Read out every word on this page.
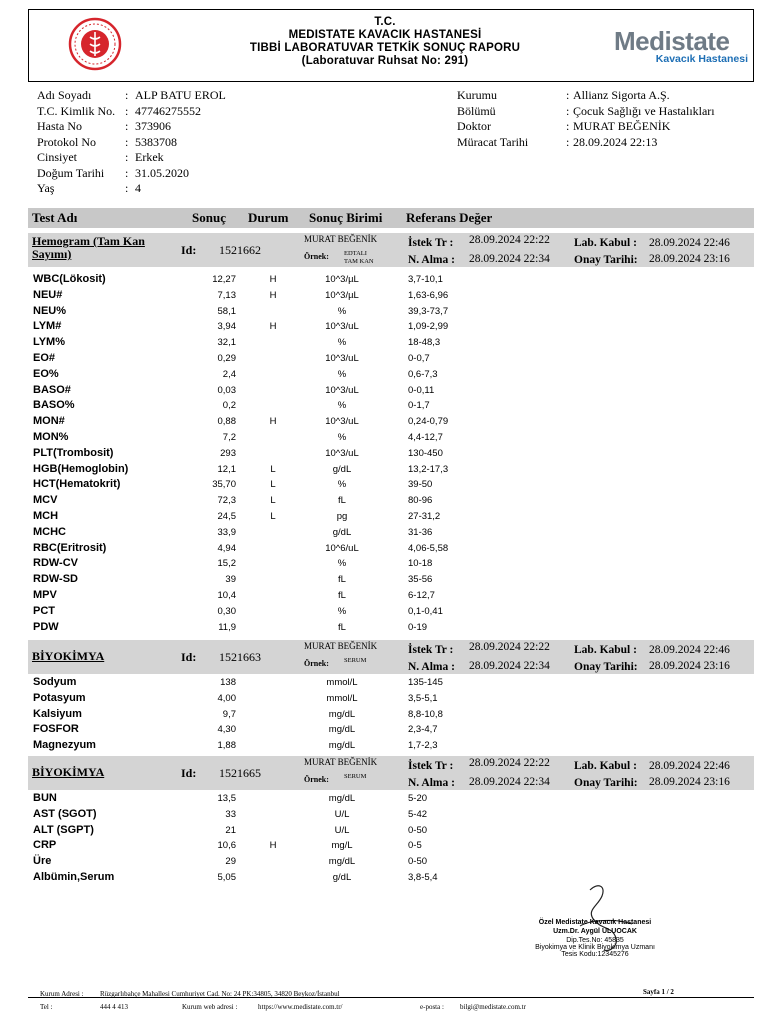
T.C.
MEDISTATE KAVACIK HASTANESİ
TIBBİ LABORATUVAR TETKİK SONUÇ RAPORU
(Laboratuvar Ruhsat No: 291)
Medistate
Kavacık Hastanesi
Adı Soyadı	: ALP BATU EROL
T.C. Kimlik No. : 47746275552
Hasta No	: 373906
Protokol No : 5383708
Cinsiyet	: Erkek
Doğum Tarihi : 31.05.2020
Yaş	: 4
Kurumu	: Allianz Sigorta A.Ş.
Bölümü	: Çocuk Sağlığı ve Hastalıkları
Doktor	: MURAT BEĞENİK
Müracat Tarihi	: 28.09.2024 22:13
Test Adı	Sonuç Durum Sonuç Birimi Referans Değer
Hemogram (Tam Kan Sayımı)	Id: 1521662
MURAT BEĞENİK
Örnek: EDTALI TAM KAN
İstek Tr : 28.09.2024 22:22
N. Alma : 28.09.2024 22:34
Lab. Kabul : 28.09.2024 22:46
Onay Tarihi: 28.09.2024 23:16
WBC(Lökosit)	12,27	H	10^3/µL	3,7-10,1
NEU#	7,13	H	10^3/µL	1,63-6,96
NEU%	58,1	%	39,3-73,7
LYM#	3,94	H	10^3/uL	1,09-2,99
LYM%	32,1	%	18-48,3
EO#	0,29	10^3/uL	0-0,7
EO%	2,4	%	0,6-7,3
BASO#	0,03	10^3/uL	0-0,11
BASO%	0,2	%	0-1,7
MON#	0,88	H	10^3/uL	0,24-0,79
MON%	7,2	%	4,4-12,7
PLT(Trombosit)	293	10^3/uL	130-450
HGB(Hemoglobin)	12,1	L	g/dL	13,2-17,3
HCT(Hematokrit)	35,70	L	%	39-50
MCV	72,3	L	fL	80-96
MCH	24,5	L	pg	27-31,2
MCHC	33,9	g/dL	31-36
RBC(Eritrosit)	4,94	10^6/uL	4,06-5,58
RDW-CV	15,2	%	10-18
RDW-SD	39	fL	35-56
MPV	10,4	fL	6-12,7
PCT	0,30	%	0,1-0,41
PDW	11,9	fL	0-19
BİYOKİMYA	Id: 1521663
MURAT BEĞENİK
Örnek: SERUM
İstek Tr : 28.09.2024 22:22
N. Alma : 28.09.2024 22:34
Lab. Kabul : 28.09.2024 22:46
Onay Tarihi: 28.09.2024 23:16
Sodyum	138	mmol/L	135-145
Potasyum	4,00	mmol/L	3,5-5,1
Kalsiyum	9,7	mg/dL	8,8-10,8
FOSFOR	4,30	mg/dL	2,3-4,7
Magnezyum	1,88	mg/dL	1,7-2,3
BİYOKİMYA	Id: 1521665
MURAT BEĞENİK
Örnek: SERUM
İstek Tr : 28.09.2024 22:22
N. Alma : 28.09.2024 22:34
Lab. Kabul : 28.09.2024 22:46
Onay Tarihi: 28.09.2024 23:16
BUN	13,5	mg/dL	5-20
AST (SGOT)	33	U/L	5-42
ALT (SGPT)	21	U/L	0-50
CRP	10,6	H	mg/L	0-5
Üre	29	mg/dL	0-50
Albümin,Serum	5,05	g/dL	3,8-5,4
Özel Medistate Kavacık Hastanesi
Uzm.Dr. Aygül ULUOCAK
Dip.Tes.No: 45835
Biyokimya ve Klinik Biyokimya Uzmanı
Tesis Kodu:12345276
Kurum Adresi : Rüzgarlıbahçe Mahallesi Cumhuriyet Cad. No: 24 PK:34805, 34820 Beykoz/İstanbul
Tel :	444 4 413	Kurum web adresi :	https://www.medistate.com.tr/	e-posta : bilgi@medistate.com.tr
Sayfa 1 / 2
